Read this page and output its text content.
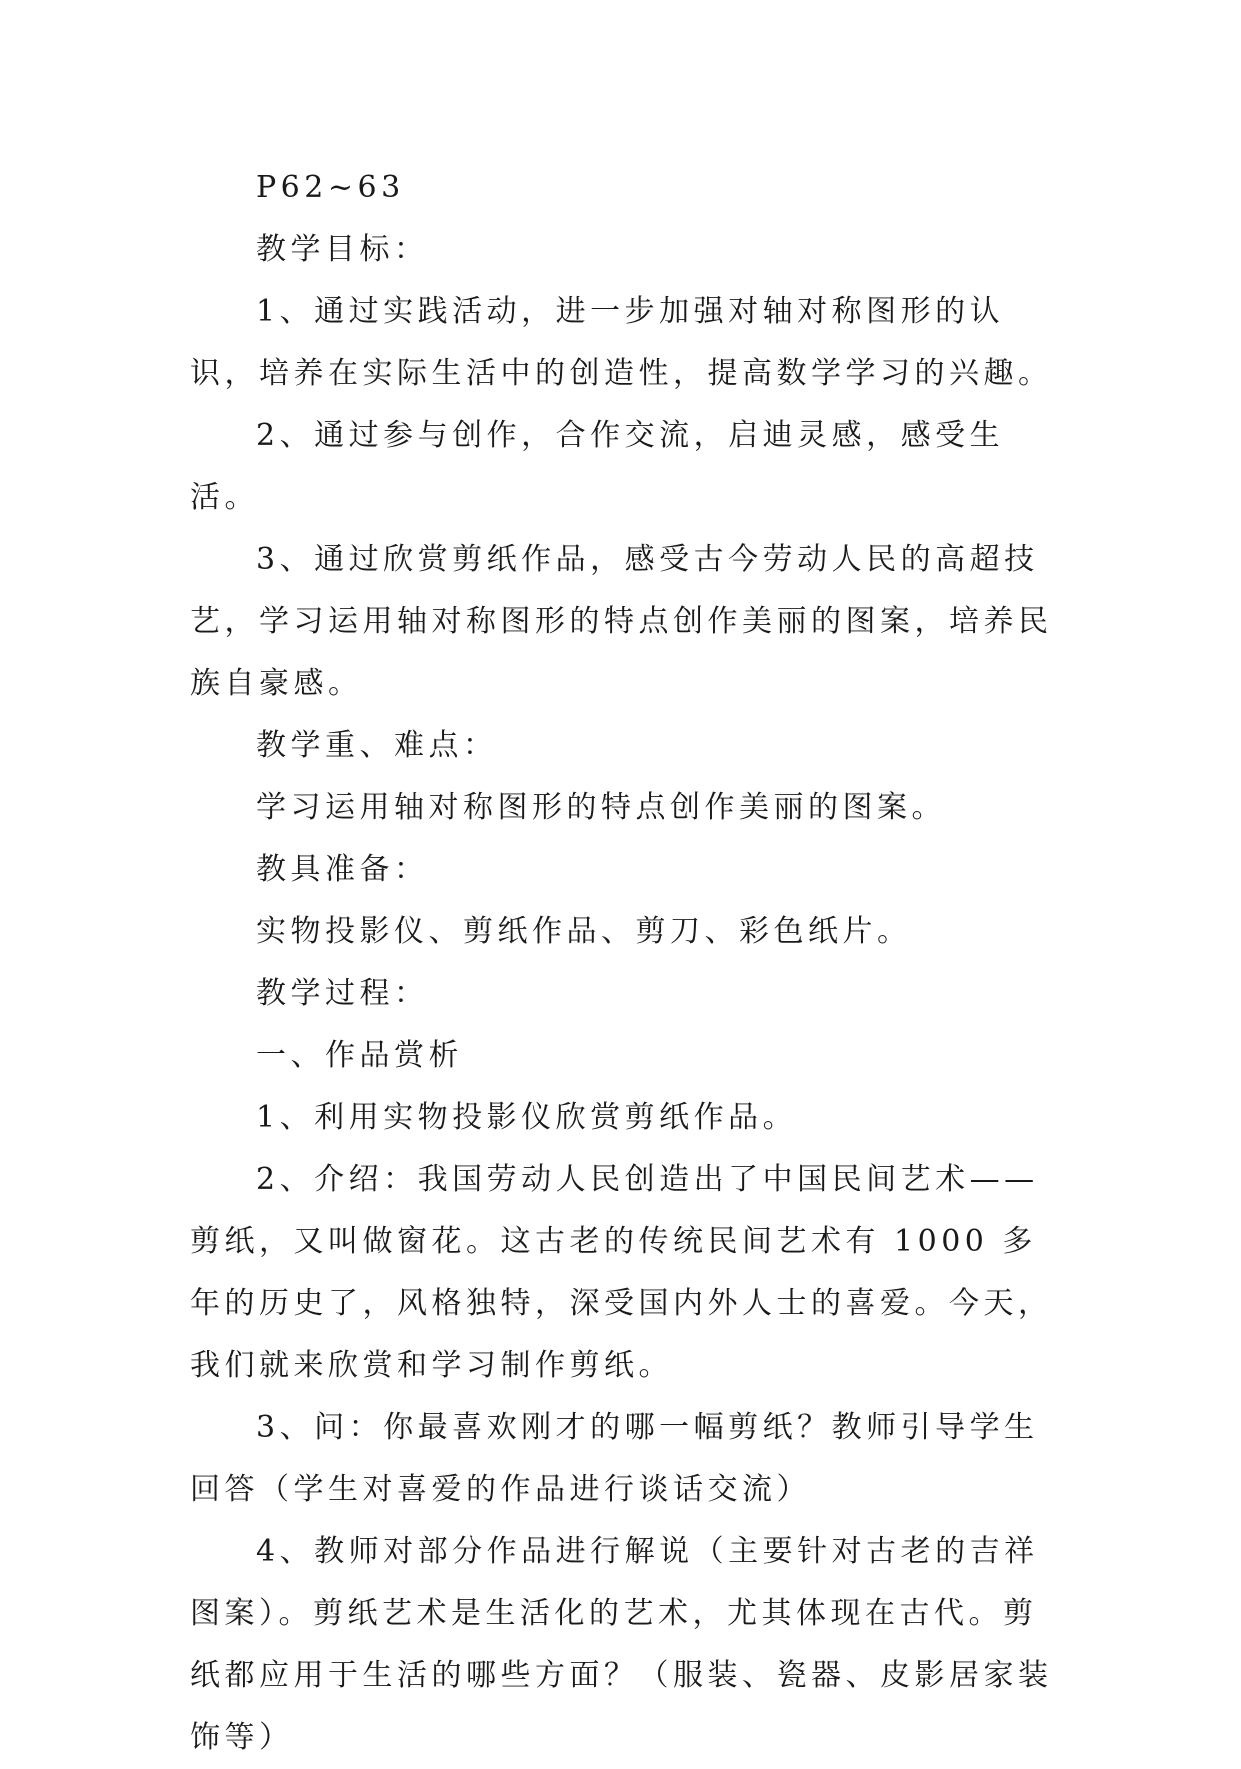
P62~63

教学目标：

1、通过实践活动，进一步加强对轴对称图形的认识，培养在实际生活中的创造性，提高数学学习的兴趣。

2、通过参与创作，合作交流，启迪灵感，感受生活。

3、通过欣赏剪纸作品，感受古今劳动人民的高超技艺，学习运用轴对称图形的特点创作美丽的图案，培养民族自豪感。

教学重、难点：

学习运用轴对称图形的特点创作美丽的图案。

教具准备：

实物投影仪、剪纸作品、剪刀、彩色纸片。

教学过程：

一、作品赏析

1、利用实物投影仪欣赏剪纸作品。

2、介绍：我国劳动人民创造出了中国民间艺术——剪纸，又叫做窗花。这古老的传统民间艺术有 1000 多年的历史了，风格独特，深受国内外人士的喜爱。今天，我们就来欣赏和学习制作剪纸。

3、问：你最喜欢刚才的哪一幅剪纸？教师引导学生回答（学生对喜爱的作品进行谈话交流）

4、教师对部分作品进行解说（主要针对古老的吉祥图案）。剪纸艺术是生活化的艺术，尤其体现在古代。剪纸都应用于生活的哪些方面？（服装、瓷器、皮影居家装饰等）
